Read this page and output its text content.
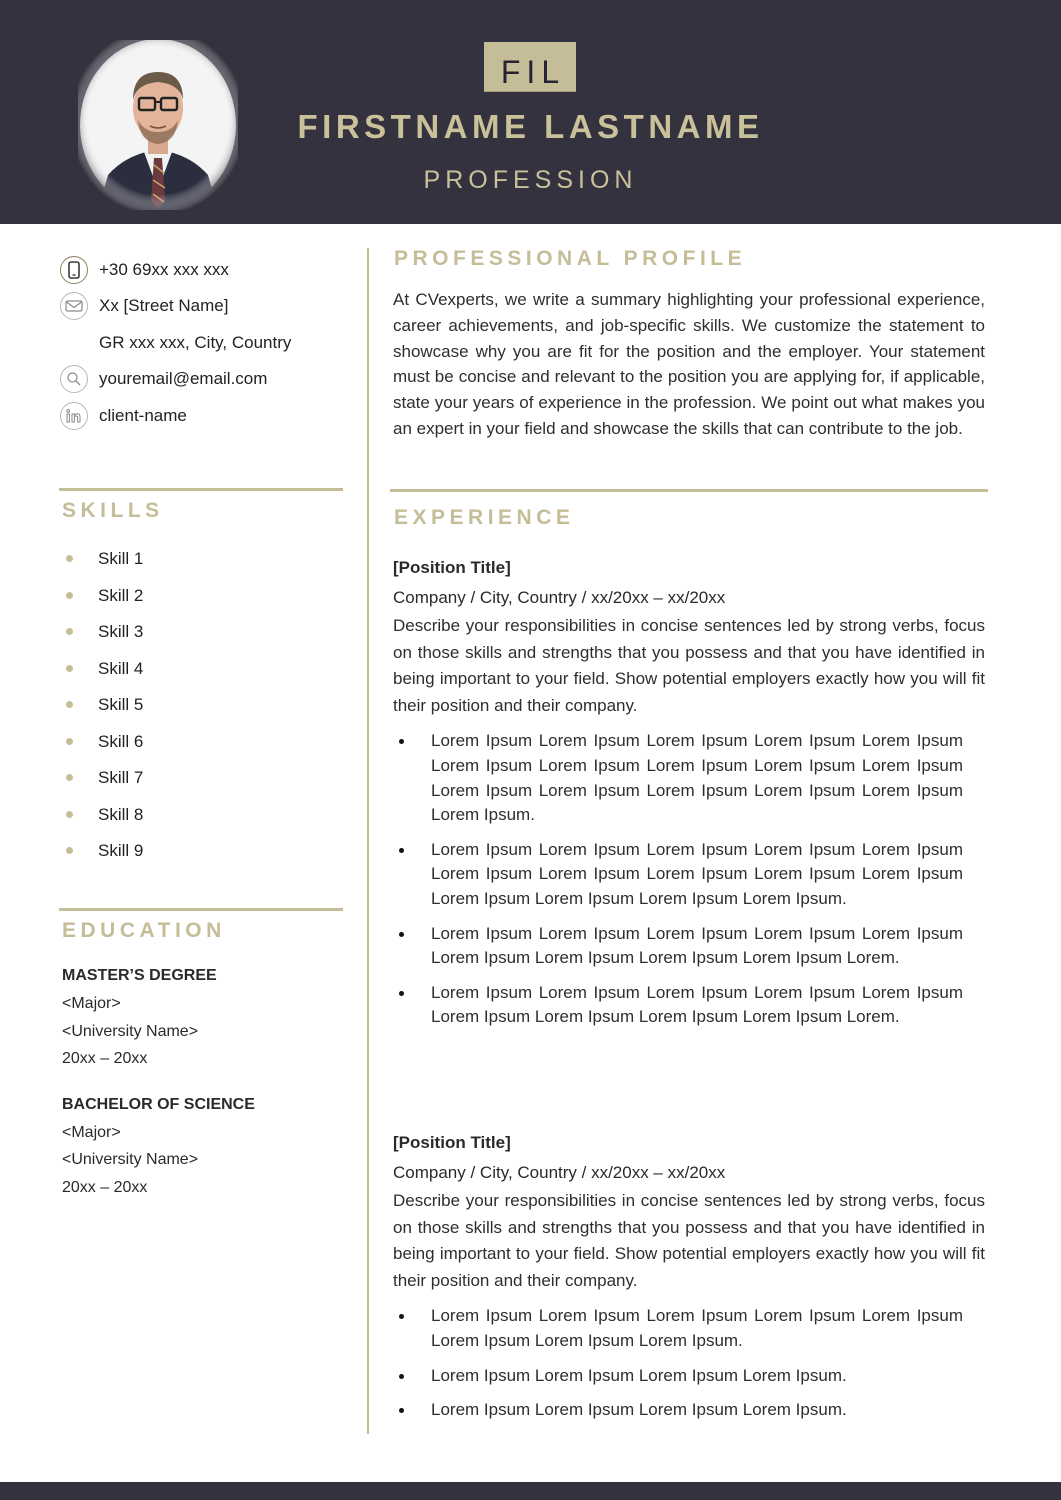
FIL
FIRSTNAME LASTNAME
PROFESSION
+30 69xx xxx xxx
Xx [Street Name]
GR xxx xxx, City, Country
youremail@email.com
client-name
SKILLS
Skill 1
Skill 2
Skill 3
Skill 4
Skill 5
Skill 6
Skill 7
Skill 8
Skill 9
EDUCATION
MASTER’S DEGREE
<Major>
<University Name>
20xx – 20xx
BACHELOR OF SCIENCE
<Major>
<University Name>
20xx – 20xx
PROFESSIONAL PROFILE
At CVexperts, we write a summary highlighting your professional experience, career achievements, and job-specific skills. We customize the statement to showcase why you are fit for the position and the employer. Your statement must be concise and relevant to the position you are applying for, if applicable, state your years of experience in the profession. We point out what makes you an expert in your field and showcase the skills that can contribute to the job.
EXPERIENCE
[Position Title]
Company / City, Country / xx/20xx – xx/20xx
Describe your responsibilities in concise sentences led by strong verbs, focus on those skills and strengths that you possess and that you have identified in being important to your field. Show potential employers exactly how you will fit their position and their company.
Lorem Ipsum Lorem Ipsum Lorem Ipsum Lorem Ipsum Lorem Ipsum Lorem Ipsum Lorem Ipsum Lorem Ipsum Lorem Ipsum Lorem Ipsum Lorem Ipsum Lorem Ipsum Lorem Ipsum Lorem Ipsum Lorem Ipsum Lorem Ipsum.
Lorem Ipsum Lorem Ipsum Lorem Ipsum Lorem Ipsum Lorem Ipsum Lorem Ipsum Lorem Ipsum Lorem Ipsum Lorem Ipsum Lorem Ipsum Lorem Ipsum Lorem Ipsum Lorem Ipsum Lorem Ipsum.
Lorem Ipsum Lorem Ipsum Lorem Ipsum Lorem Ipsum Lorem Ipsum Lorem Ipsum Lorem Ipsum Lorem Ipsum Lorem Ipsum Lorem.
Lorem Ipsum Lorem Ipsum Lorem Ipsum Lorem Ipsum Lorem Ipsum Lorem Ipsum Lorem Ipsum Lorem Ipsum Lorem Ipsum Lorem.
[Position Title]
Company / City, Country / xx/20xx – xx/20xx
Describe your responsibilities in concise sentences led by strong verbs, focus on those skills and strengths that you possess and that you have identified in being important to your field. Show potential employers exactly how you will fit their position and their company.
Lorem Ipsum Lorem Ipsum Lorem Ipsum Lorem Ipsum Lorem Ipsum Lorem Ipsum Lorem Ipsum Lorem Ipsum.
Lorem Ipsum Lorem Ipsum Lorem Ipsum Lorem Ipsum.
Lorem Ipsum Lorem Ipsum Lorem Ipsum Lorem Ipsum.
